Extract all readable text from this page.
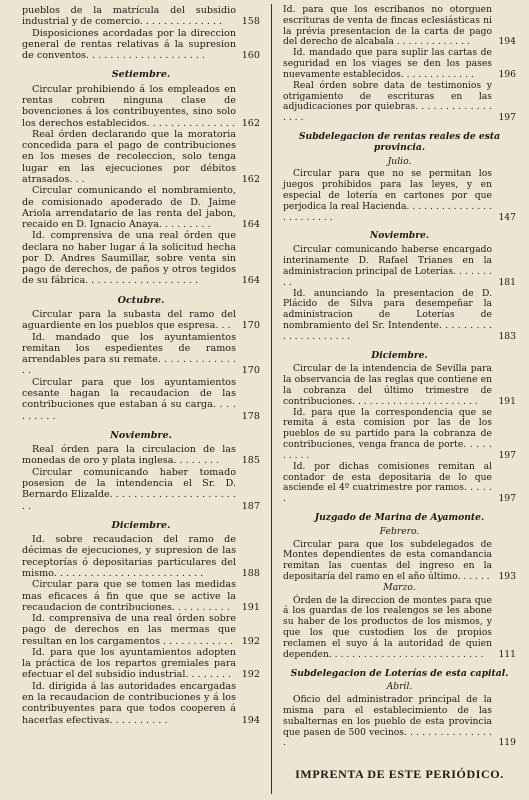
pueblos de la matrícula del subsidio industrial y de comercio. . . . . . . . . . . . . .	158
Disposiciones acordadas por la direccion general de rentas relativas á la supresion de conventos. . . . . . . . . . . . . . . . . . . .	160
Setiembre.
Circular prohibiendo á los empleados en rentas cobren ninguna clase de bovenciones á los contribuyentes, sino solo los derechos establecidos. . . . . . . . . . . . . . . 162
Real órden declarando que la moratoria concedida para el pago de contribuciones en los meses de recoleccion, solo tenga lugar en las ejecuciones por débitos atrasados. . .	162
Circular comunicando el nombramiento, de comisionado apoderado de D. Jaime Ariola arrendatario de las renta del jabon, recaido en D. Ignacio Anaya. . . . . . . . .	164
Id. comprensiva de una real órden que declara no haber lugar á la solicitud hecha por D. Andres Saumillar, sobre venta sin pago de derechos, de paños y otros tegidos de su fábrica. . . . . . . . . . . . . . . . . . .	164
Octubre.
Circular para la subasta del ramo del aguardiente en los pueblos que espresa. . .	170
Id. mandado que los ayuntamientos remitan los espedientes de ramos arrendables para su remate. . . . . . . . . . . . . . .	170
Circular para que los ayuntamientos cesante hagan la recaudacion de las contribuciones que estaban á su carga. . . . . . . . . .	178
Noviembre.
Real órden para la circulacion de las monedas de oro y plata inglesa. . . . . . . .	185
Circular comunicando haber tomado posesion de la intendencia el Sr. D. Bernardo Elizalde. . . . . . . . . . . . . . . . . . . . . . .	187
Diciembre.
Id. sobre recaudacion del ramo de décimas de ejecuciones, y supresion de las receptorías ó depositarias particulares del mismo. . . . . . . . . . . . . . . . . . . . . . . . .	188
Circular para que se tomen las medidas mas eficaces á fin que que se active la recaudacion de contribuciones. . . . . . . . . .	191
Id. comprensiva de una real órden sobre pago de derechos en las mermas que resultan en los cargamentos . . . . . . . . . . . . 192
Id. para que los ayuntamientos adopten la práctica de los repartos gremiales para efectuar el del subsidio industrial. . . . . . . .	192
Id. dirigida á las autoridades encargadas en la recaudacion de contribuciones y á los contribuyentes para que todos cooperen á hacerlas efectivas. . . . . . . . . .	194
Id. para que los escribanos no otorguen escrituras de venta de fincas eclesiásticas ni la prévia presentacion de la carta de pago del derecho de alcabala . . . . . . . . . . . . .	194
Id. mandado que para suplir las cartas de seguridad en los viages se den los pases nuevamente establecidos. . . . . . . . . . . . .	196
Real órden sobre data de testimonios y otrigamiento de escrituras en las adjudicaciones por quiebras. . . . . . . . . . . . . . . . .	197
Subdelegacion de rentas reales de esta provincia.
Julio.
Circular para que no se permitan los juegos prohibidos para las leyes, y en especial de lotería en cartones por que perjodica la real Hacienda. . . . . . . . . . . . . . . . . . . . . . . .	147
Noviembre.
Circular comunicando haberse encargado interinamente D. Rafael Trianes en la administracion principal de Loterías. . . . . . . . .	181
Id. anunciando la presentacion de D. Plácido de Silva para desempeñar la administracion de Loterías de nombramiento del Sr. Intendente. . . . . . . . . . . . . . . . . . . . .	183
Diciembre.
Circular de la intendencia de Sevilla para la observancia de las reglas que contiene en la cobranza del último trimestre de contribuciones. . . . . . . . . . . . . . . . . . . . . .	191
Id. para que la correspondencia que se remita á esta comision por las de los pueblos de su partido para la cobranza de contribuciones, venga franca de porte. . . . . . . . . .	197
Id. por dichas comisiones remitan al contador de esta depositaria de lo que asciende el 4º cuatrimestre por ramos. . . . . .	197
Juzgado de Marina de Ayamonte.
Febrero.
Circular para que los subdelegados de Montes dependientes de esta comandancia remitan las cuentas del ingreso en la depositaría del ramo en el año último. . . . . . 193
Marzo.
Órden de la direccion de montes para que á los guardas de los realengos se les abone su haber de los productos de los mismos, y que los que custodien los de propios reclamen el suyo á la autoridad de quien dependen. . . . . . . . . . . . . . . . . . . . . . . . . . .	111
Subdelegacion de Loterías de esta capital.
Abril.
Oficio del administrador principal de la misma para el establecimiento de las subalternas en los pueblo de esta provincia que pasen de 500 vecinos. . . . . . . . . . . . . . . .	119
IMPRENTA DE ESTE PERIÓDICO.
